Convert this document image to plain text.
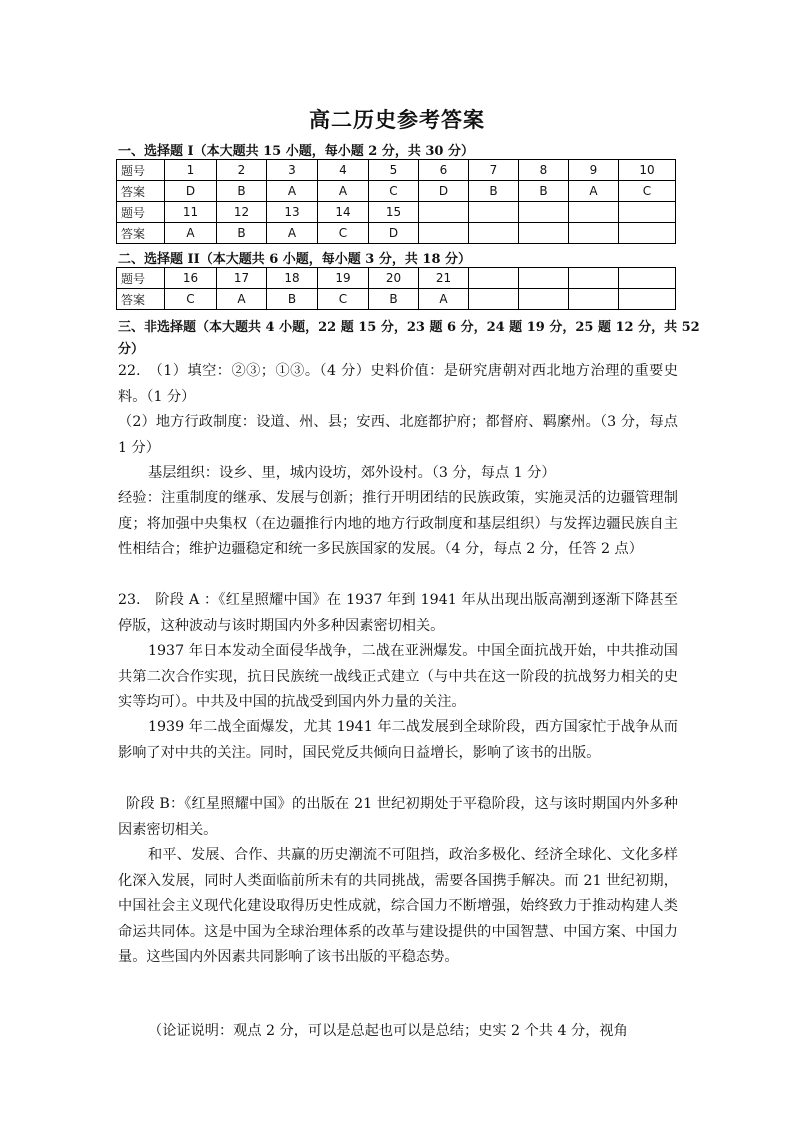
高二历史参考答案
一、选择题 I（本大题共 15 小题，每小题 2 分，共 30 分）
题号	1	2	3	4	5	6	7	8	9	10
答案	D	B	A	A	C	D	B	B	A	C
题号	11	12	13	14	15					
答案	A	B	A	C	D					
二、选择题 II（本大题共 6 小题，每小题 3 分，共 18 分）
题号	16	17	18	19	20	21				
答案	C	A	B	C	B	A				
三、非选择题（本大题共 4 小题，22 题 15 分，23 题 6 分，24 题 19 分，25 题 12 分，共 52
分）
22.　（1）填空：②③；①③。（4 分）史料价值：是研究唐朝对西北地方治理的重要史料。（1 分）
（2）地方行政制度：设道、州、县；安西、北庭都护府；都督府、羁縻州。（3 分，每点 1 分）
基层组织：设乡、里，城内设坊，郊外设村。（3 分，每点 1 分）
经验：注重制度的继承、发展与创新；推行开明团结的民族政策，实施灵活的边疆管理制度；将加强中央集权（在边疆推行内地的地方行政制度和基层组织）与发挥边疆民族自主性相结合；维护边疆稳定和统一多民族国家的发展。（4 分，每点 2 分，任答 2 点）
23.　阶段 A ：《红星照耀中国》在 1937 年到 1941 年从出现出版高潮到逐渐下降甚至停版，这种波动与该时期国内外多种因素密切相关。
1937 年日本发动全面侵华战争，二战在亚洲爆发。中国全面抗战开始，中共推动国共第二次合作实现，抗日民族统一战线正式建立（与中共在这一阶段的抗战努力相关的史实等均可）。中共及中国的抗战受到国内外力量的关注。
1939 年二战全面爆发，尤其 1941 年二战发展到全球阶段，西方国家忙于战争从而影响了对中共的关注。同时，国民党反共倾向日益增长，影响了该书的出版。
阶段 B：《红星照耀中国》的出版在 21 世纪初期处于平稳阶段，这与该时期国内外多种因素密切相关。
和平、发展、合作、共赢的历史潮流不可阻挡，政治多极化、经济全球化、文化多样化深入发展，同时人类面临前所未有的共同挑战，需要各国携手解决。而 21 世纪初期，中国社会主义现代化建设取得历史性成就，综合国力不断增强，始终致力于推动构建人类命运共同体。这是中国为全球治理体系的改革与建设提供的中国智慧、中国方案、中国力量。这些国内外因素共同影响了该书出版的平稳态势。
（论证说明：观点 2 分，可以是总起也可以是总结；史实 2 个共 4 分，视角
